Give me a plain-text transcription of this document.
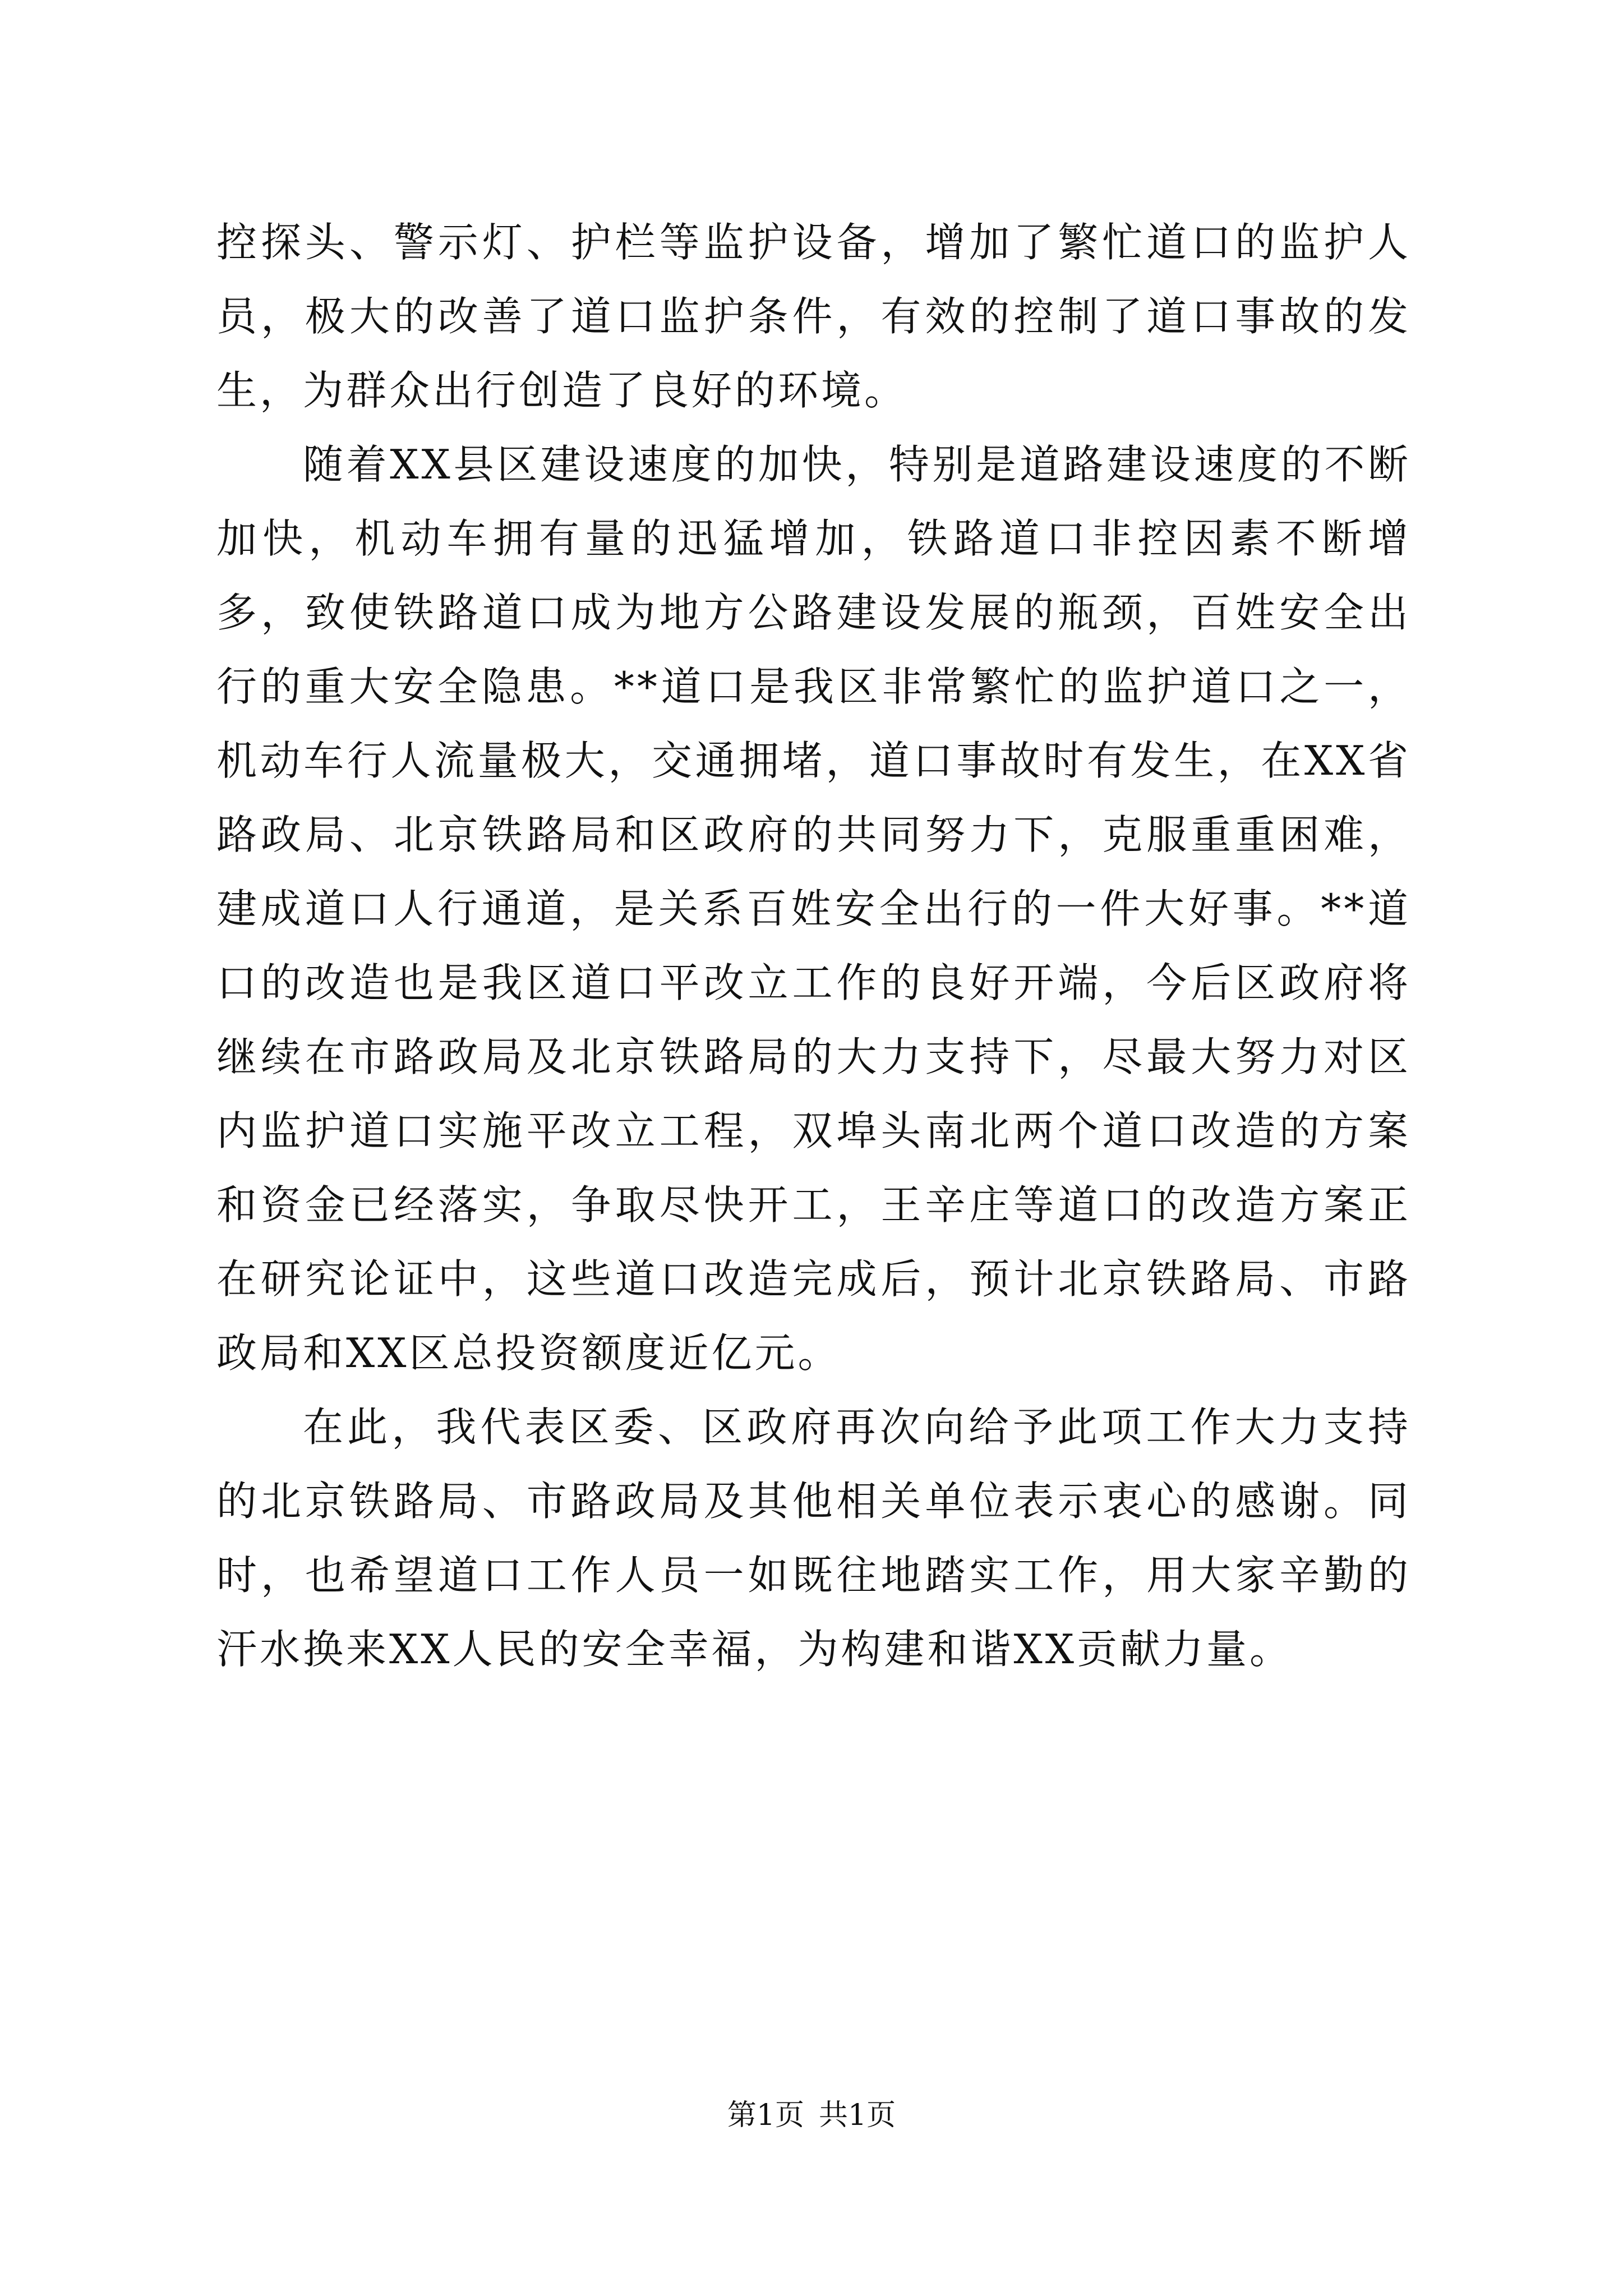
控探头、警示灯、护栏等监护设备，增加了繁忙道口的监护人员，极大的改善了道口监护条件，有效的控制了道口事故的发生，为群众出行创造了良好的环境。

随着XX县区建设速度的加快，特别是道路建设速度的不断加快，机动车拥有量的迅猛增加，铁路道口非控因素不断增多，致使铁路道口成为地方公路建设发展的瓶颈，百姓安全出行的重大安全隐患。**道口是我区非常繁忙的监护道口之一，机动车行人流量极大，交通拥堵，道口事故时有发生，在XX省路政局、北京铁路局和区政府的共同努力下，克服重重困难，建成道口人行通道，是关系百姓安全出行的一件大好事。**道口的改造也是我区道口平改立工作的良好开端，今后区政府将继续在市路政局及北京铁路局的大力支持下，尽最大努力对区内监护道口实施平改立工程，双埠头南北两个道口改造的方案和资金已经落实，争取尽快开工，王辛庄等道口的改造方案正在研究论证中，这些道口改造完成后，预计北京铁路局、市路政局和XX区总投资额度近亿元。

在此，我代表区委、区政府再次向给予此项工作大力支持的北京铁路局、市路政局及其他相关单位表示衷心的感谢。同时，也希望道口工作人员一如既往地踏实工作，用大家辛勤的汗水换来XX人民的安全幸福，为构建和谐XX贡献力量。

第1页 共1页
